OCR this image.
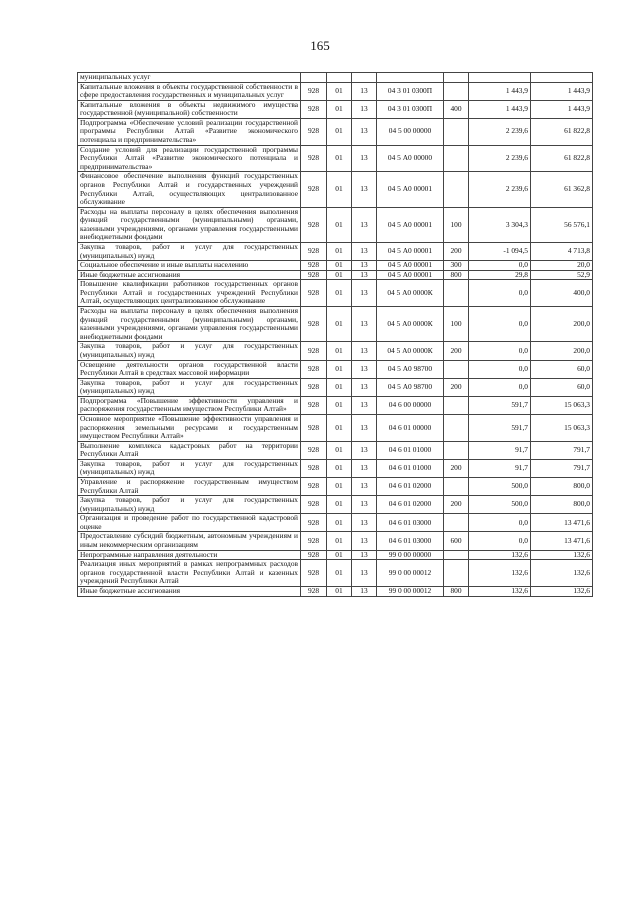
165
муниципальных услуг							
Капитальные вложения в объекты государственной собственности в сфере предоставления государственных и муниципальных услуг	928	01	13	04 3 01 0300П		1 443,9	1 443,9
Капитальные вложения в объекты недвижимого имущества государственной (муниципальной) собственности	928	01	13	04 3 01 0300П	400	1 443,9	1 443,9
Подпрограмма «Обеспечение условий реализации государственной программы Республики Алтай «Развитие экономического потенциала и предпринимательства»	928	01	13	04 5 00 00000		2 239,6	61 822,8
Создание условий для реализации государственной программы Республики Алтай «Развитие экономического потенциала и предпринимательства»	928	01	13	04 5 А0 00000		2 239,6	61 822,8
Финансовое обеспечение выполнения функций государственных органов Республики Алтай и государственных учреждений Республики Алтай, осуществляющих централизованное обслуживание	928	01	13	04 5 А0 00001		2 239,6	61 362,8
Расходы на выплаты персоналу в целях обеспечения выполнения функций государственными (муниципальными) органами, казенными учреждениями, органами управления государственными внебюджетными фондами	928	01	13	04 5 А0 00001	100	3 304,3	56 576,1
Закупка товаров, работ и услуг для государственных (муниципальных) нужд	928	01	13	04 5 А0 00001	200	-1 094,5	4 713,8
Социальное обеспечение и иные выплаты населению	928	01	13	04 5 А0 00001	300	0,0	20,0
Иные бюджетные ассигнования	928	01	13	04 5 А0 00001	800	29,8	52,9
Повышение квалификации работников государственных органов Республики Алтай и государственных учреждений Республики Алтай, осуществляющих централизованное обслуживание	928	01	13	04 5 А0 0000К		0,0	400,0
Расходы на выплаты персоналу в целях обеспечения выполнения функций государственными (муниципальными) органами, казенными учреждениями, органами управления государственными внебюджетными фондами	928	01	13	04 5 А0 0000К	100	0,0	200,0
Закупка товаров, работ и услуг для государственных (муниципальных) нужд	928	01	13	04 5 А0 0000К	200	0,0	200,0
Освещение деятельности органов государственной власти Республики Алтай в средствах массовой информации	928	01	13	04 5 А0 98700		0,0	60,0
Закупка товаров, работ и услуг для государственных (муниципальных) нужд	928	01	13	04 5 А0 98700	200	0,0	60,0
Подпрограмма «Повышение эффективности управления и распоряжения государственным имуществом Республики Алтай»	928	01	13	04 6 00 00000		591,7	15 063,3
Основное мероприятие «Повышение эффективности управления и распоряжения земельными ресурсами и государственным имуществом Республики Алтай»	928	01	13	04 6 01 00000		591,7	15 063,3
Выполнение комплекса кадастровых работ на территории Республики Алтай	928	01	13	04 6 01 01000		91,7	791,7
Закупка товаров, работ и услуг для государственных (муниципальных) нужд	928	01	13	04 6 01 01000	200	91,7	791,7
Управление и распоряжение государственным имуществом Республики Алтай	928	01	13	04 6 01 02000		500,0	800,0
Закупка товаров, работ и услуг для государственных (муниципальных) нужд	928	01	13	04 6 01 02000	200	500,0	800,0
Организация и проведение работ по государственной кадастровой оценке	928	01	13	04 6 01 03000		0,0	13 471,6
Предоставление субсидий бюджетным, автономным учреждениям и иным некоммерческим организациям	928	01	13	04 6 01 03000	600	0,0	13 471,6
Непрограммные направления деятельности	928	01	13	99 0 00 00000		132,6	132,6
Реализация иных мероприятий в рамках непрограммных расходов органов государственной власти Республики Алтай и казенных учреждений Республики Алтай	928	01	13	99 0 00 00012		132,6	132,6
Иные бюджетные ассигнования	928	01	13	99 0 00 00012	800	132,6	132,6
